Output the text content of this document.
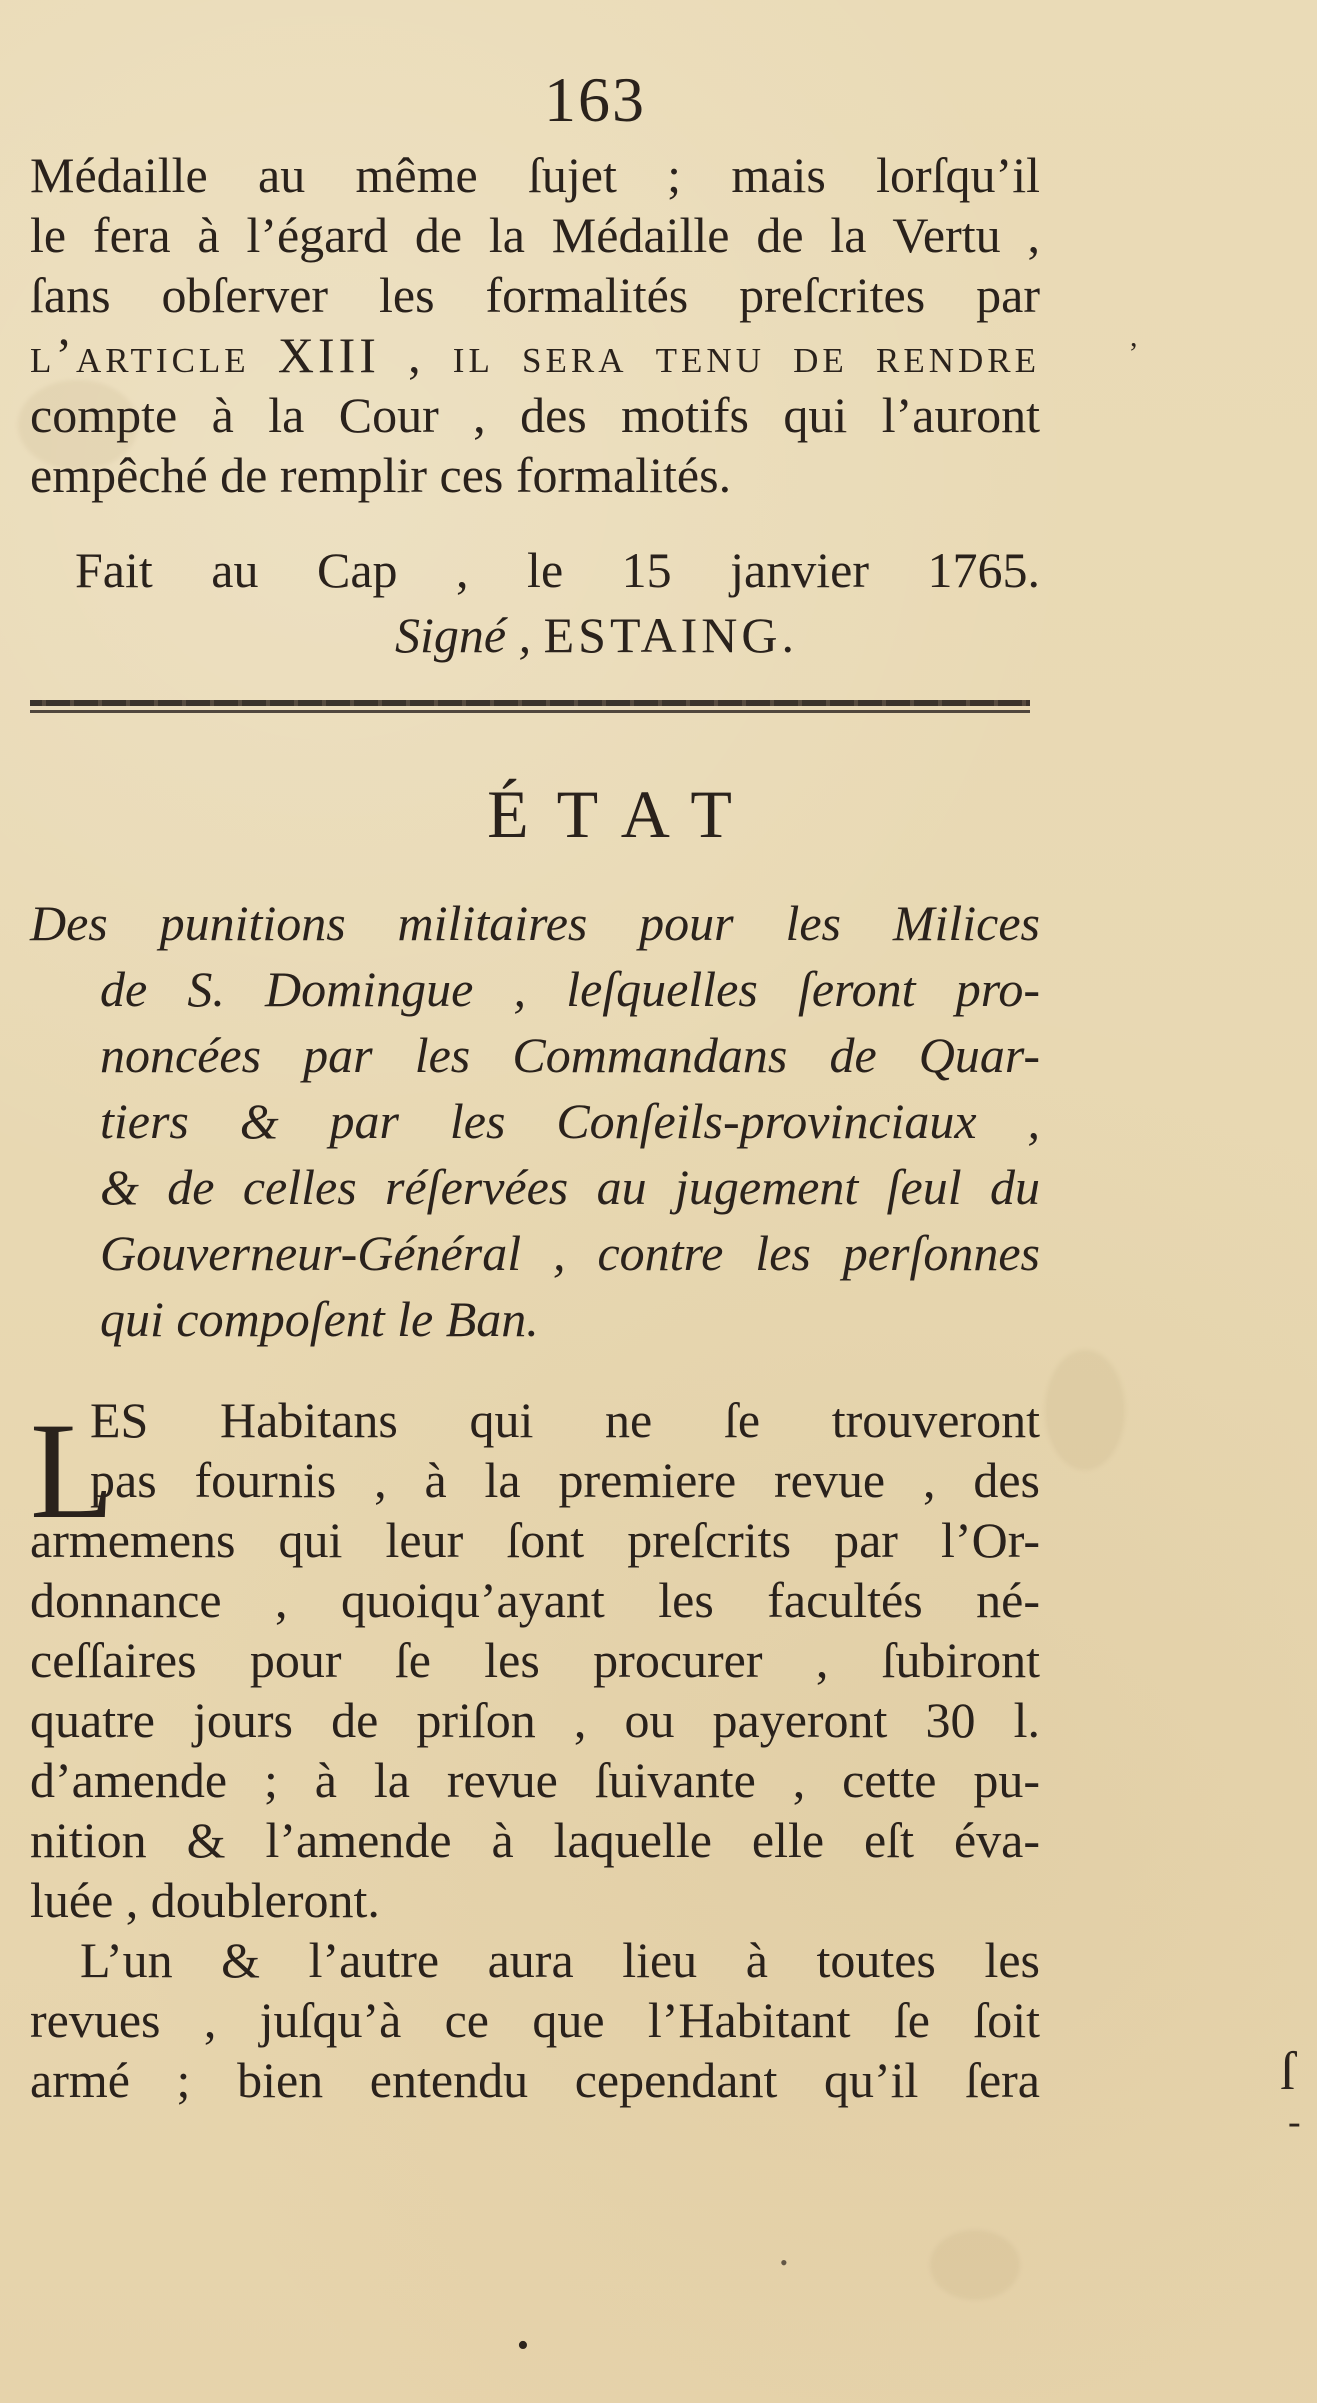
163
Médaille au même ſujet ; mais lorſqu’il
le fera à l’égard de la Médaille de la Vertu ,
ſans obſerver les formalités preſcrites par
l’article XIII , il ſera tenu de rendre
compte à la Cour , des motifs qui l’auront
empêché de remplir ces formalités.
Fait au Cap , le 15 janvier 1765.
Signé , ESTAING.
ÉTAT
Des punitions militaires pour les Milices
de S. Domingue , leſquelles ſeront pro-
noncées par les Commandans de Quar-
tiers & par les Conſeils-provinciaux ,
& de celles réſervées au jugement ſeul du
Gouverneur-Général , contre les perſonnes
qui compoſent le Ban.
L
ES Habitans qui ne ſe trouveront
pas fournis , à la premiere revue , des
armemens qui leur ſont preſcrits par l’Or-
donnance , quoiqu’ayant les facultés né-
ceſſaires pour ſe les procurer , ſubiront
quatre jours de priſon , ou payeront 30 l.
d’amende ; à la revue ſuivante , cette pu-
nition & l’amende à laquelle elle eſt éva-
luée , doubleront.
L’un & l’autre aura lieu à toutes les
revues , juſqu’à ce que l’Habitant ſe ſoit
armé ; bien entendu cependant qu’il ſera
,
ſ
-
•
•
